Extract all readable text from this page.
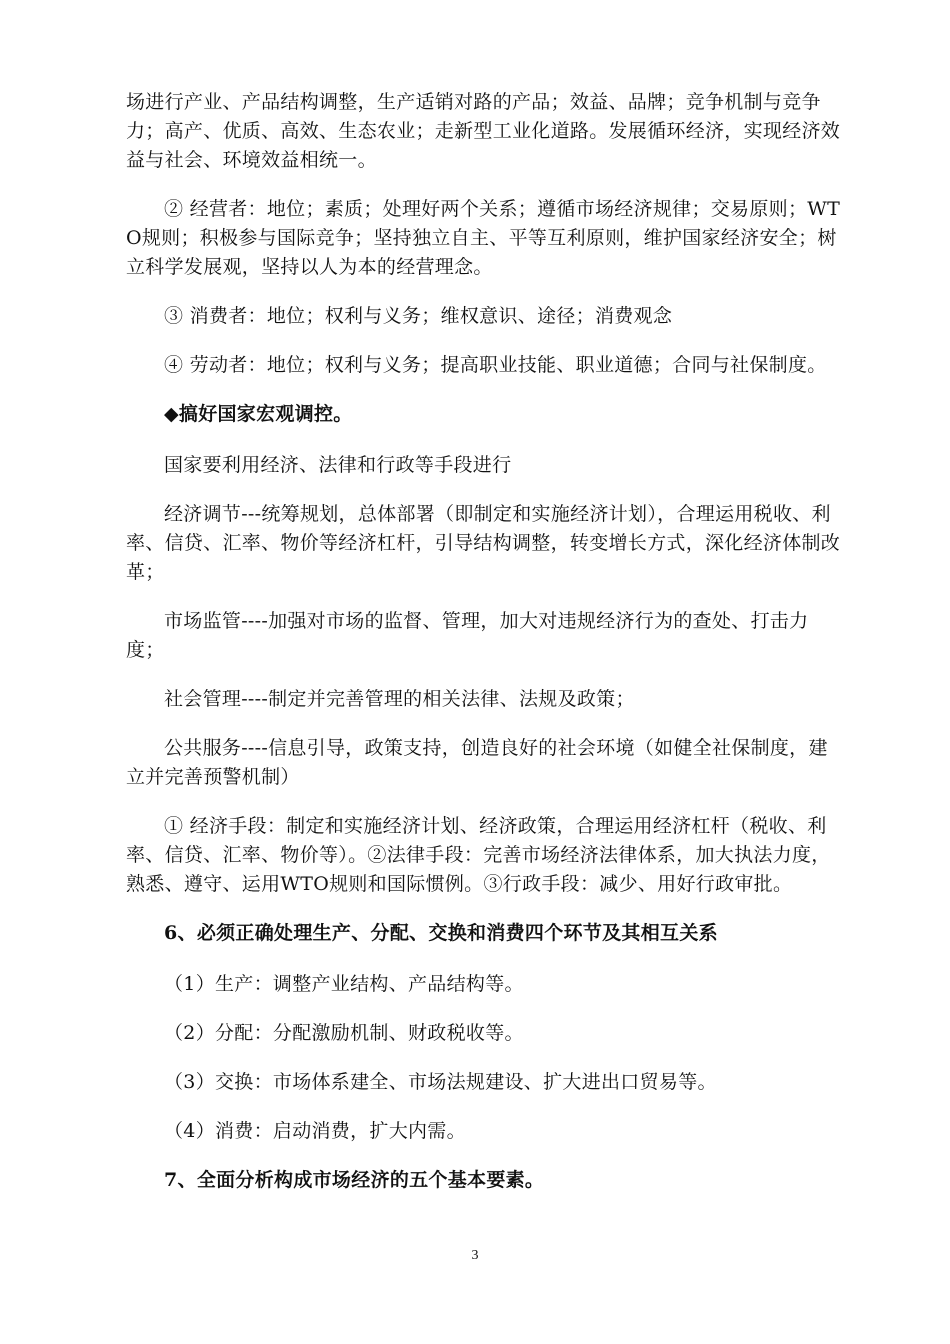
场进行产业、产品结构调整，生产适销对路的产品；效益、品牌；竞争机制与竞争力；高产、优质、高效、生态农业；走新型工业化道路。发展循环经济，实现经济效益与社会、环境效益相统一。

② 经营者：地位；素质；处理好两个关系；遵循市场经济规律；交易原则；WTO规则；积极参与国际竞争；坚持独立自主、平等互利原则，维护国家经济安全；树立科学发展观，坚持以人为本的经营理念。

③ 消费者：地位；权利与义务；维权意识、途径；消费观念

④ 劳动者：地位；权利与义务；提高职业技能、职业道德；合同与社保制度。

◆搞好国家宏观调控。

国家要利用经济、法律和行政等手段进行

经济调节---统筹规划，总体部署（即制定和实施经济计划），合理运用税收、利率、信贷、汇率、物价等经济杠杆，引导结构调整，转变增长方式，深化经济体制改革；

市场监管----加强对市场的监督、管理，加大对违规经济行为的查处、打击力度；

社会管理----制定并完善管理的相关法律、法规及政策；

公共服务----信息引导，政策支持，创造良好的社会环境（如健全社保制度，建立并完善预警机制）

① 经济手段：制定和实施经济计划、经济政策，合理运用经济杠杆（税收、利率、信贷、汇率、物价等）。②法律手段：完善市场经济法律体系，加大执法力度，熟悉、遵守、运用WTO规则和国际惯例。③行政手段：减少、用好行政审批。

6、必须正确处理生产、分配、交换和消费四个环节及其相互关系

（1）生产：调整产业结构、产品结构等。

（2）分配：分配激励机制、财政税收等。

（3）交换：市场体系建全、市场法规建设、扩大进出口贸易等。

（4）消费：启动消费，扩大内需。

7、全面分析构成市场经济的五个基本要素。

3
